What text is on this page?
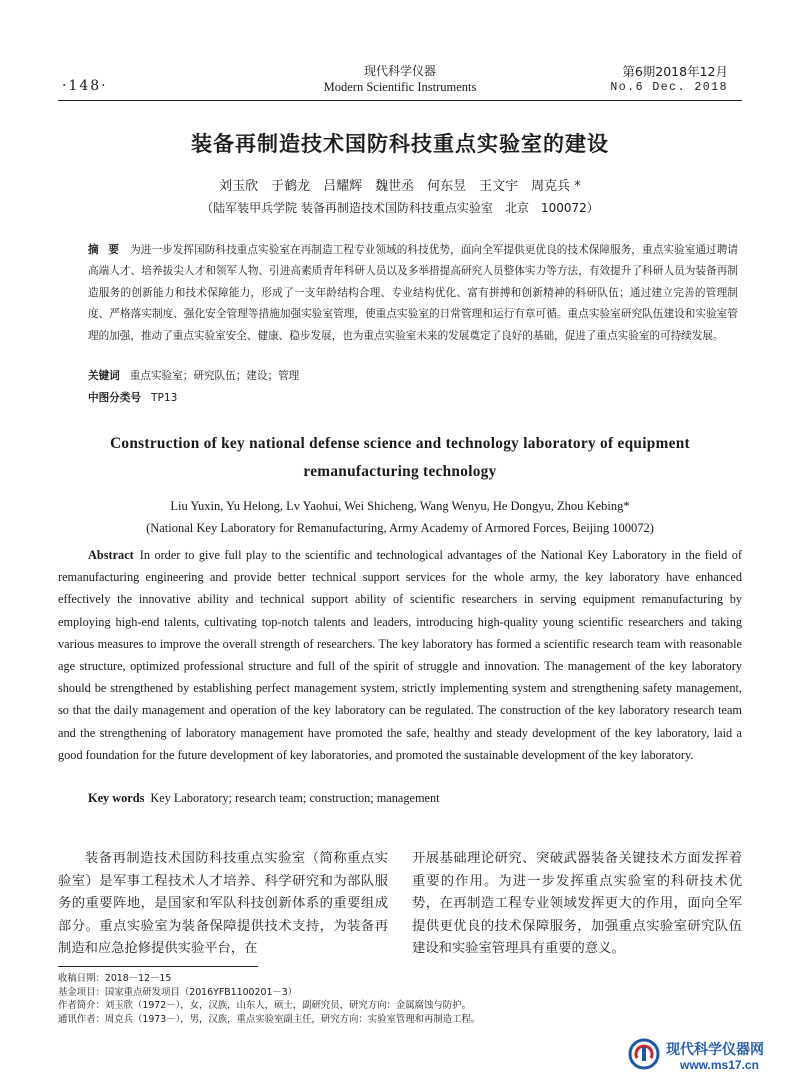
·148·
现代科学仪器
Modern Scientific Instruments
第6期2018年12月
No.6 Dec. 2018
装备再制造技术国防科技重点实验室的建设
刘玉欣　于鹤龙　吕耀辉　魏世丞　何东昱　王文宇　周克兵 *
（陆军装甲兵学院 装备再制造技术国防科技重点实验室　北京　100072）
摘 要 为进一步发挥国防科技重点实验室在再制造工程专业领域的科技优势，面向全军提供更优良的技术保障服务，重点实验室通过聘请高端人才、培养拔尖人才和领军人物、引进高素质青年科研人员以及多举措提高研究人员整体实力等方法，有效提升了科研人员为装备再制造服务的创新能力和技术保障能力，形成了一支年龄结构合理、专业结构优化、富有拼搏和创新精神的科研队伍；通过建立完善的管理制度、严格落实制度、强化安全管理等措施加强实验室管理，使重点实验室的日常管理和运行有章可循。重点实验室研究队伍建设和实验室管理的加强，推动了重点实验室安全、健康、稳步发展，也为重点实验室未来的发展奠定了良好的基础，促进了重点实验室的可持续发展。
关键词 重点实验室；研究队伍；建设；管理
中图分类号 TP13
Construction of key national defense science and technology laboratory of equipment remanufacturing technology
Liu Yuxin, Yu Helong, Lv Yaohui, Wei Shicheng, Wang Wenyu, He Dongyu, Zhou Kebing*
(National Key Laboratory for Remanufacturing, Army Academy of Armored Forces, Beijing 100072)
Abstract In order to give full play to the scientific and technological advantages of the National Key Laboratory in the field of remanufacturing engineering and provide better technical support services for the whole army, the key laboratory have enhanced effectively the innovative ability and technical support ability of scientific researchers in serving equipment remanufacturing by employing high-end talents, cultivating top-notch talents and leaders, introducing high-quality young scientific researchers and taking various measures to improve the overall strength of researchers. The key laboratory has formed a scientific research team with reasonable age structure, optimized professional structure and full of the spirit of struggle and innovation. The management of the key laboratory should be strengthened by establishing perfect management system, strictly implementing system and strengthening safety management, so that the daily management and operation of the key laboratory can be regulated. The construction of the key laboratory research team and the strengthening of laboratory management have promoted the safe, healthy and steady development of the key laboratory, laid a good foundation for the future development of key laboratories, and promoted the sustainable development of the key laboratory.
Key words Key Laboratory; research team; construction; management
装备再制造技术国防科技重点实验室（简称重点实验室）是军事工程技术人才培养、科学研究和为部队服务的重要阵地，是国家和军队科技创新体系的重要组成部分。重点实验室为装备保障提供技术支持，为装备再制造和应急抢修提供实验平台，在
开展基础理论研究、突破武器装备关键技术方面发挥着重要的作用。为进一步发挥重点实验室的科研技术优势，在再制造工程专业领域发挥更大的作用，面向全军提供更优良的技术保障服务，加强重点实验室研究队伍建设和实验室管理具有重要的意义。
收稿日期：2018－12－15
基金项目：国家重点研发项目（2016YFB1100201－3）
作者简介：刘玉欣（1972－），女，汉族，山东人，硕士，副研究员，研究方向：金属腐蚀与防护。
通讯作者：周克兵（1973－），男，汉族，重点实验室副主任，研究方向：实验室管理和再制造工程。
现代科学仪器网
www.ms17.cn
